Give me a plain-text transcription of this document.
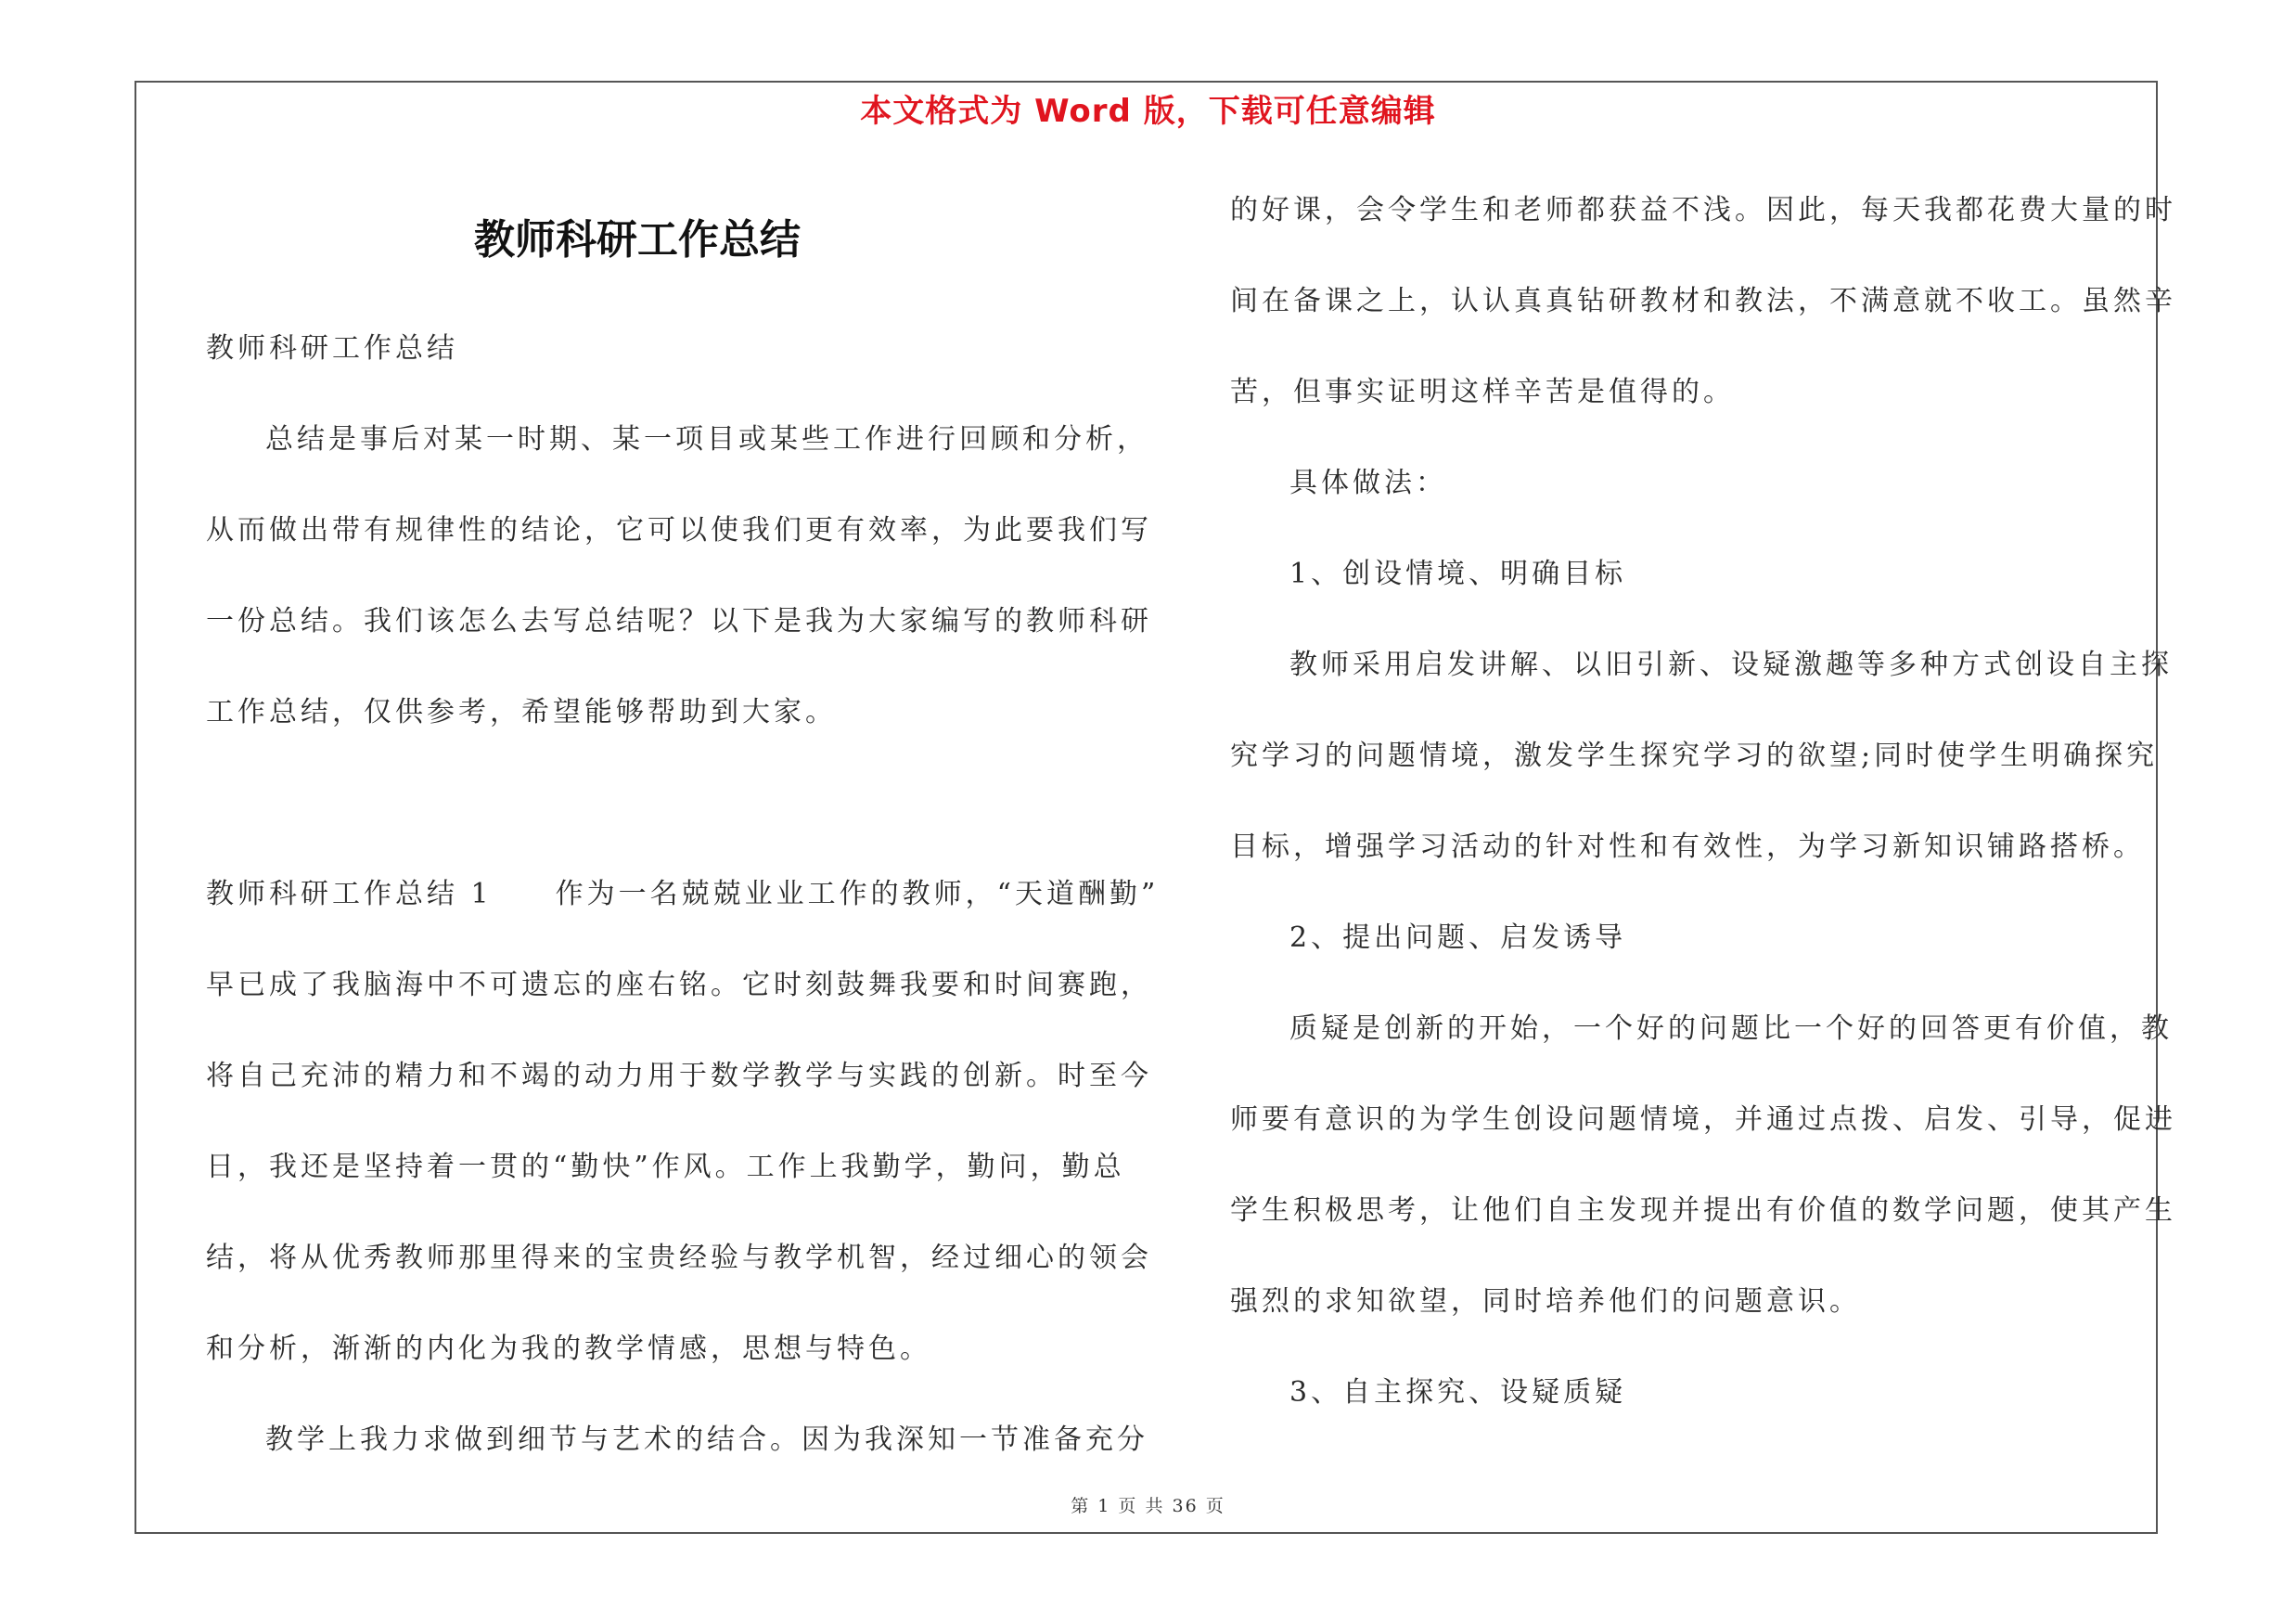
本文格式为 Word 版，下载可任意编辑
教师科研工作总结

教师科研工作总结

总结是事后对某一时期、某一项目或某些工作进行回顾和分析，

从而做出带有规律性的结论，它可以使我们更有效率，为此要我们写

一份总结。我们该怎么去写总结呢？以下是我为大家编写的教师科研

工作总结，仅供参考，希望能够帮助到大家。

教师科研工作总结 1　　作为一名兢兢业业工作的教师，“天道酬勤”

早已成了我脑海中不可遗忘的座右铭。它时刻鼓舞我要和时间赛跑，

将自己充沛的精力和不竭的动力用于数学教学与实践的创新。时至今

日，我还是坚持着一贯的“勤快”作风。工作上我勤学，勤问，勤总

结，将从优秀教师那里得来的宝贵经验与教学机智，经过细心的领会

和分析，渐渐的内化为我的教学情感，思想与特色。

教学上我力求做到细节与艺术的结合。因为我深知一节准备充分

的好课，会令学生和老师都获益不浅。因此，每天我都花费大量的时

间在备课之上，认认真真钻研教材和教法，不满意就不收工。虽然辛

苦，但事实证明这样辛苦是值得的。

具体做法：

1、创设情境、明确目标

教师采用启发讲解、以旧引新、设疑激趣等多种方式创设自主探

究学习的问题情境，激发学生探究学习的欲望;同时使学生明确探究

目标，增强学习活动的针对性和有效性，为学习新知识铺路搭桥。

2、提出问题、启发诱导

质疑是创新的开始，一个好的问题比一个好的回答更有价值，教

师要有意识的为学生创设问题情境，并通过点拨、启发、引导，促进

学生积极思考，让他们自主发现并提出有价值的数学问题，使其产生

强烈的求知欲望，同时培养他们的问题意识。

3、自主探究、设疑质疑

第 1 页 共 36 页
